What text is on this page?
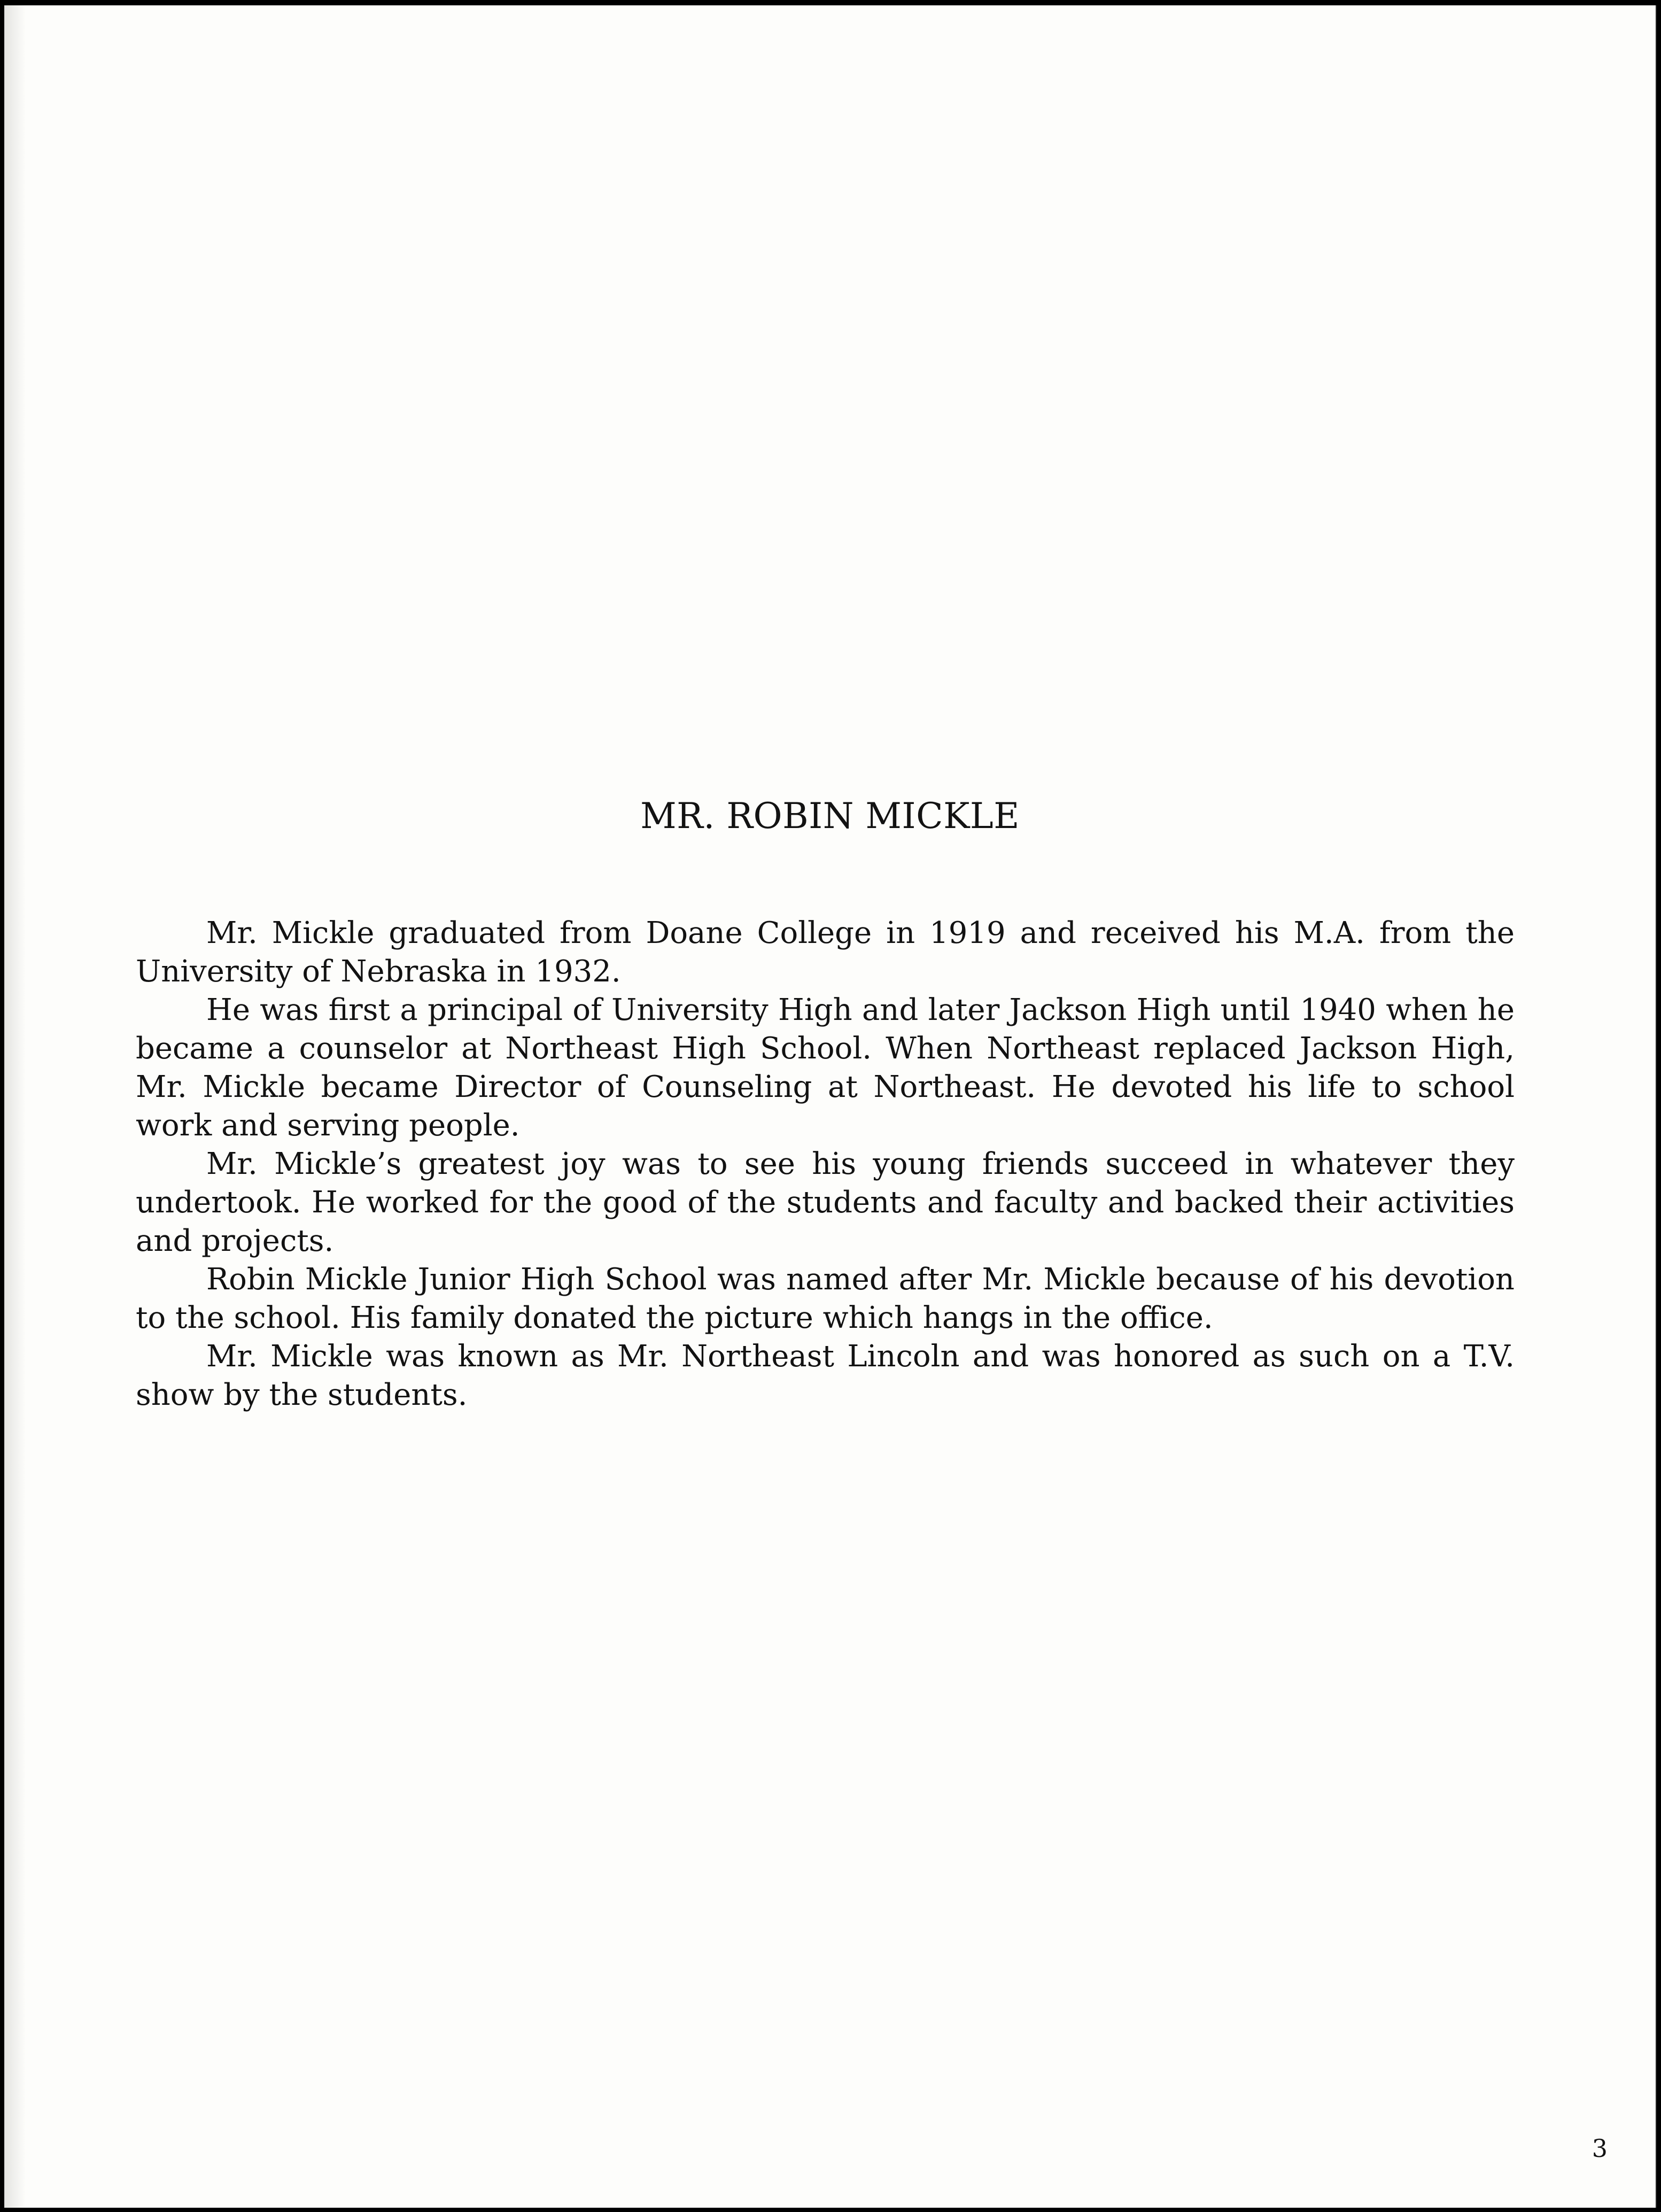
MR. ROBIN MICKLE

Mr. Mickle graduated from Doane College in 1919 and received his M.A. from the University of Nebraska in 1932.

He was first a principal of University High and later Jackson High until 1940 when he became a counselor at Northeast High School. When Northeast replaced Jackson High, Mr. Mickle became Director of Counseling at Northeast. He devoted his life to school work and serving people.

Mr. Mickle’s greatest joy was to see his young friends succeed in whatever they undertook. He worked for the good of the students and faculty and backed their activities and projects.

Robin Mickle Junior High School was named after Mr. Mickle because of his devotion to the school. His family donated the picture which hangs in the office.

Mr. Mickle was known as Mr. Northeast Lincoln and was honored as such on a T.V. show by the students.

3
